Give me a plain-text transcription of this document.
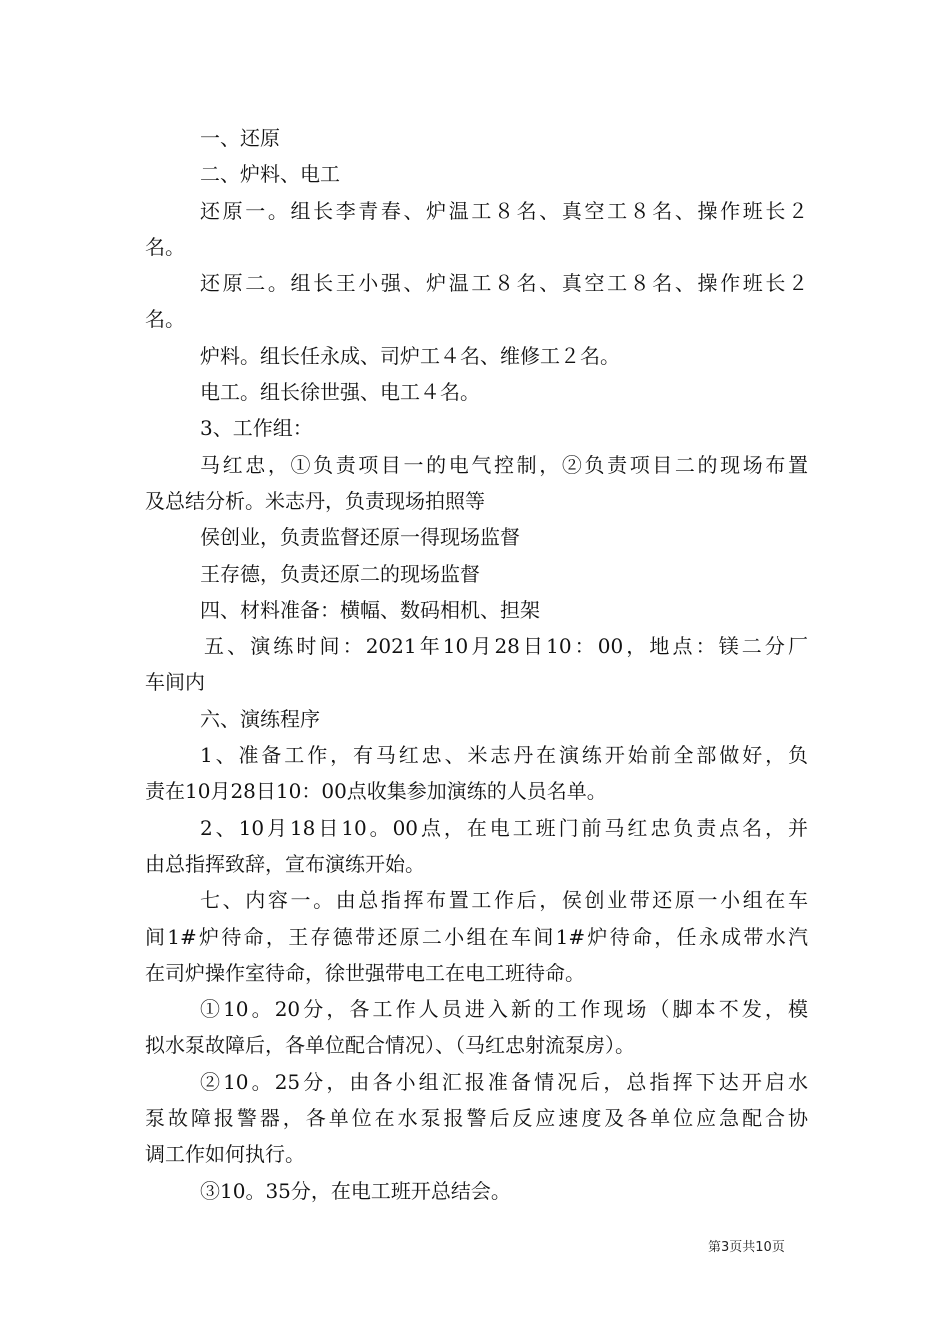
一、还原
二、炉料、电工
还原一。组长李青春、炉温工８名、真空工８名、操作班长２
名。
还原二。组长王小强、炉温工８名、真空工８名、操作班长２
名。
炉料。组长任永成、司炉工４名、维修工２名。
电工。组长徐世强、电工４名。
3、工作组：
马红忠，①负责项目一的电气控制，②负责项目二的现场布置
及总结分析。米志丹，负责现场拍照等
侯创业，负责监督还原一得现场监督
王存德，负责还原二的现场监督
四、材料准备：横幅、数码相机、担架
五、演练时间：2021年10月28日10：00，地点：镁二分厂
车间内
六、演练程序
1、准备工作，有马红忠、米志丹在演练开始前全部做好，负
责在10月28日10：00点收集参加演练的人员名单。
2、10月18日10。00点，在电工班门前马红忠负责点名，并
由总指挥致辞，宣布演练开始。
七、内容一。由总指挥布置工作后，侯创业带还原一小组在车
间1#炉待命，王存德带还原二小组在车间1#炉待命，任永成带水汽
在司炉操作室待命，徐世强带电工在电工班待命。
①10。20分，各工作人员进入新的工作现场（脚本不发，模
拟水泵故障后，各单位配合情况）、（马红忠射流泵房）。
②10。25分，由各小组汇报准备情况后，总指挥下达开启水
泵故障报警器，各单位在水泵报警后反应速度及各单位应急配合协
调工作如何执行。
③10。35分，在电工班开总结会。
第3页共10页
